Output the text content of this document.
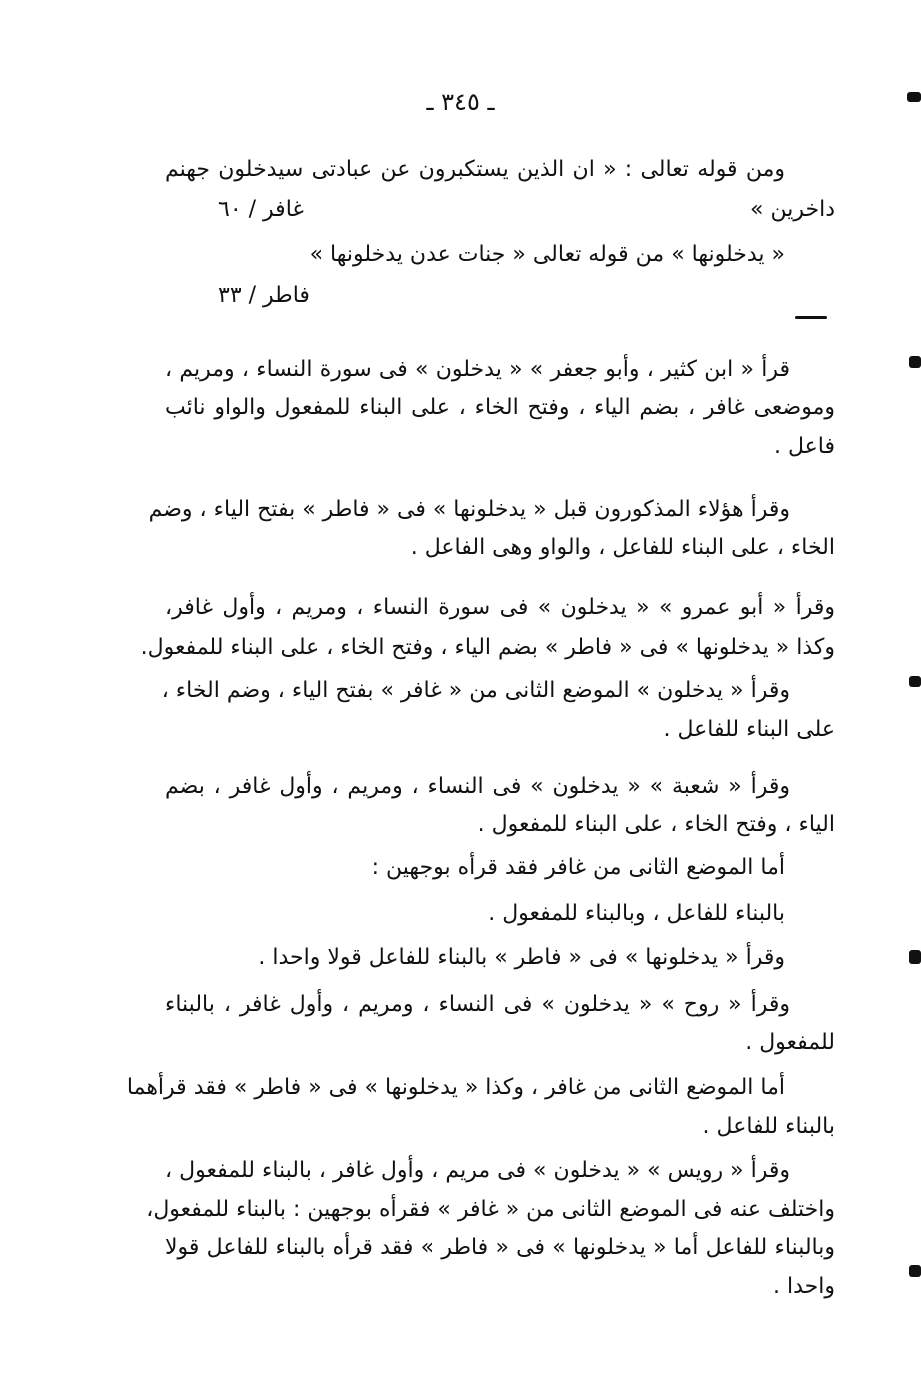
ـ ٣٤٥ ـ
ومن قوله تعالى : « ان الذين يستكبرون عن عبادتى سيدخلون جهنم
داخرين »
غافر / ٦٠
« يدخلونها » من قوله تعالى « جنات عدن يدخلونها »
فاطر / ٣٣
قرأ « ابن كثير ، وأبو جعفر » « يدخلون » فى سورة النساء ، ومريم ،
وموضعى غافر ، بضم الياء ، وفتح الخاء ، على البناء للمفعول والواو نائب
فاعل .
وقرأ هؤلاء المذكورون قبل « يدخلونها » فى « فاطر » بفتح الياء ، وضم
الخاء ، على البناء للفاعل ، والواو وهى الفاعل .
وقرأ « أبو عمرو » « يدخلون » فى سورة النساء ، ومريم ، وأول غافر،
وكذا « يدخلونها » فى « فاطر » بضم الياء ، وفتح الخاء ، على البناء للمفعول.
وقرأ « يدخلون » الموضع الثانى من « غافر » بفتح الياء ، وضم الخاء ،
على البناء للفاعل .
وقرأ « شعبة » « يدخلون » فى النساء ، ومريم ، وأول غافر ، بضم
الياء ، وفتح الخاء ، على البناء للمفعول .
أما الموضع الثانى من غافر فقد قرأه بوجهين :
بالبناء للفاعل ، وبالبناء للمفعول .
وقرأ « يدخلونها » فى « فاطر » بالبناء للفاعل قولا واحدا .
وقرأ « روح » « يدخلون » فى النساء ، ومريم ، وأول غافر ، بالبناء
للمفعول .
أما الموضع الثانى من غافر ، وكذا « يدخلونها » فى « فاطر » فقد قرأهما
بالبناء للفاعل .
وقرأ « رويس » « يدخلون » فى مريم ، وأول غافر ، بالبناء للمفعول ،
واختلف عنه فى الموضع الثانى من « غافر » فقرأه بوجهين : بالبناء للمفعول،
وبالبناء للفاعل أما « يدخلونها » فى « فاطر » فقد قرأه بالبناء للفاعل قولا
واحدا .
